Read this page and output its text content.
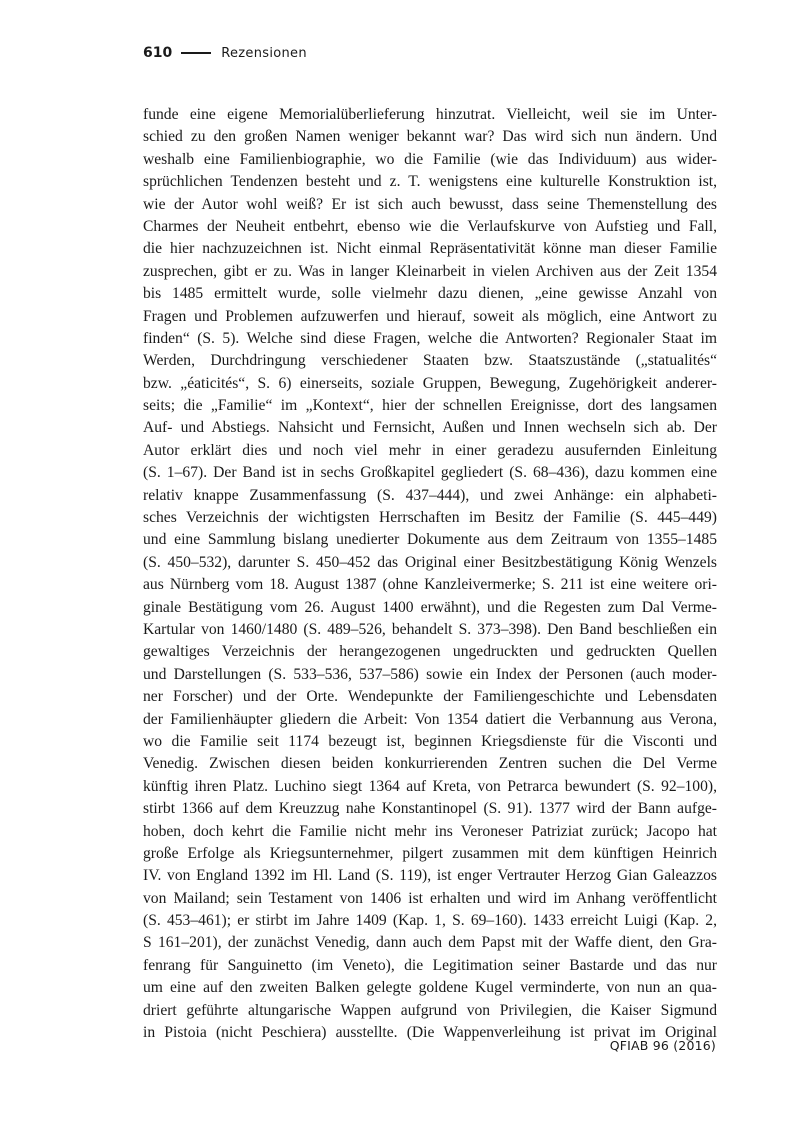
610	Rezensionen
funde eine eigene Memorialüberlieferung hinzutrat. Vielleicht, weil sie im Unter-
schied zu den großen Namen weniger bekannt war? Das wird sich nun ändern. Und
weshalb eine Familienbiographie, wo die Familie (wie das Individuum) aus wider-
sprüchlichen Tendenzen besteht und z. T. wenigstens eine kulturelle Konstruktion ist,
wie der Autor wohl weiß? Er ist sich auch bewusst, dass seine Themenstellung des
Charmes der Neuheit entbehrt, ebenso wie die Verlaufskurve von Aufstieg und Fall,
die hier nachzuzeichnen ist. Nicht einmal Repräsentativität könne man dieser Familie
zusprechen, gibt er zu. Was in langer Kleinarbeit in vielen Archiven aus der Zeit 1354
bis 1485 ermittelt wurde, solle vielmehr dazu dienen, „eine gewisse Anzahl von
Fragen und Problemen aufzuwerfen und hierauf, soweit als möglich, eine Antwort zu
finden“ (S. 5). Welche sind diese Fragen, welche die Antworten? Regionaler Staat im
Werden, Durchdringung verschiedener Staaten bzw. Staatszustände („statualités“
bzw. „éaticités“, S. 6) einerseits, soziale Gruppen, Bewegung, Zugehörigkeit anderer-
seits; die „Familie“ im „Kontext“, hier der schnellen Ereignisse, dort des langsamen
Auf- und Abstiegs. Nahsicht und Fernsicht, Außen und Innen wechseln sich ab. Der
Autor erklärt dies und noch viel mehr in einer geradezu ausufernden Einleitung
(S. 1–67). Der Band ist in sechs Großkapitel gegliedert (S. 68–436), dazu kommen eine
relativ knappe Zusammenfassung (S. 437–444), und zwei Anhänge: ein alphabeti-
sches Verzeichnis der wichtigsten Herrschaften im Besitz der Familie (S. 445–449)
und eine Sammlung bislang unedierter Dokumente aus dem Zeitraum von 1355–1485
(S. 450–532), darunter S. 450–452 das Original einer Besitzbestätigung König Wenzels
aus Nürnberg vom 18. August 1387 (ohne Kanzleivermerke; S. 211 ist eine weitere ori-
ginale Bestätigung vom 26. August 1400 erwähnt), und die Regesten zum Dal Verme-
Kartular von 1460/1480 (S. 489–526, behandelt S. 373–398). Den Band beschließen ein
gewaltiges Verzeichnis der herangezogenen ungedruckten und gedruckten Quellen
und Darstellungen (S. 533–536, 537–586) sowie ein Index der Personen (auch moder-
ner Forscher) und der Orte. Wendepunkte der Familiengeschichte und Lebensdaten
der Familienhäupter gliedern die Arbeit: Von 1354 datiert die Verbannung aus Verona,
wo die Familie seit 1174 bezeugt ist, beginnen Kriegsdienste für die Visconti und
Venedig. Zwischen diesen beiden konkurrierenden Zentren suchen die Del Verme
künftig ihren Platz. Luchino siegt 1364 auf Kreta, von Petrarca bewundert (S. 92–100),
stirbt 1366 auf dem Kreuzzug nahe Konstantinopel (S. 91). 1377 wird der Bann aufge-
hoben, doch kehrt die Familie nicht mehr ins Veroneser Patriziat zurück; Jacopo hat
große Erfolge als Kriegsunternehmer, pilgert zusammen mit dem künftigen Heinrich
IV. von England 1392 im Hl. Land (S. 119), ist enger Vertrauter Herzog Gian Galeazzos
von Mailand; sein Testament von 1406 ist erhalten und wird im Anhang veröffentlicht
(S. 453–461); er stirbt im Jahre 1409 (Kap. 1, S. 69–160). 1433 erreicht Luigi (Kap. 2,
S 161–201), der zunächst Venedig, dann auch dem Papst mit der Waffe dient, den Gra-
fenrang für Sanguinetto (im Veneto), die Legitimation seiner Bastarde und das nur
um eine auf den zweiten Balken gelegte goldene Kugel verminderte, von nun an qua-
driert geführte altungarische Wappen aufgrund von Privilegien, die Kaiser Sigmund
in Pistoia (nicht Peschiera) ausstellte. (Die Wappenverleihung ist privat im Original
QFIAB 96 (2016)
